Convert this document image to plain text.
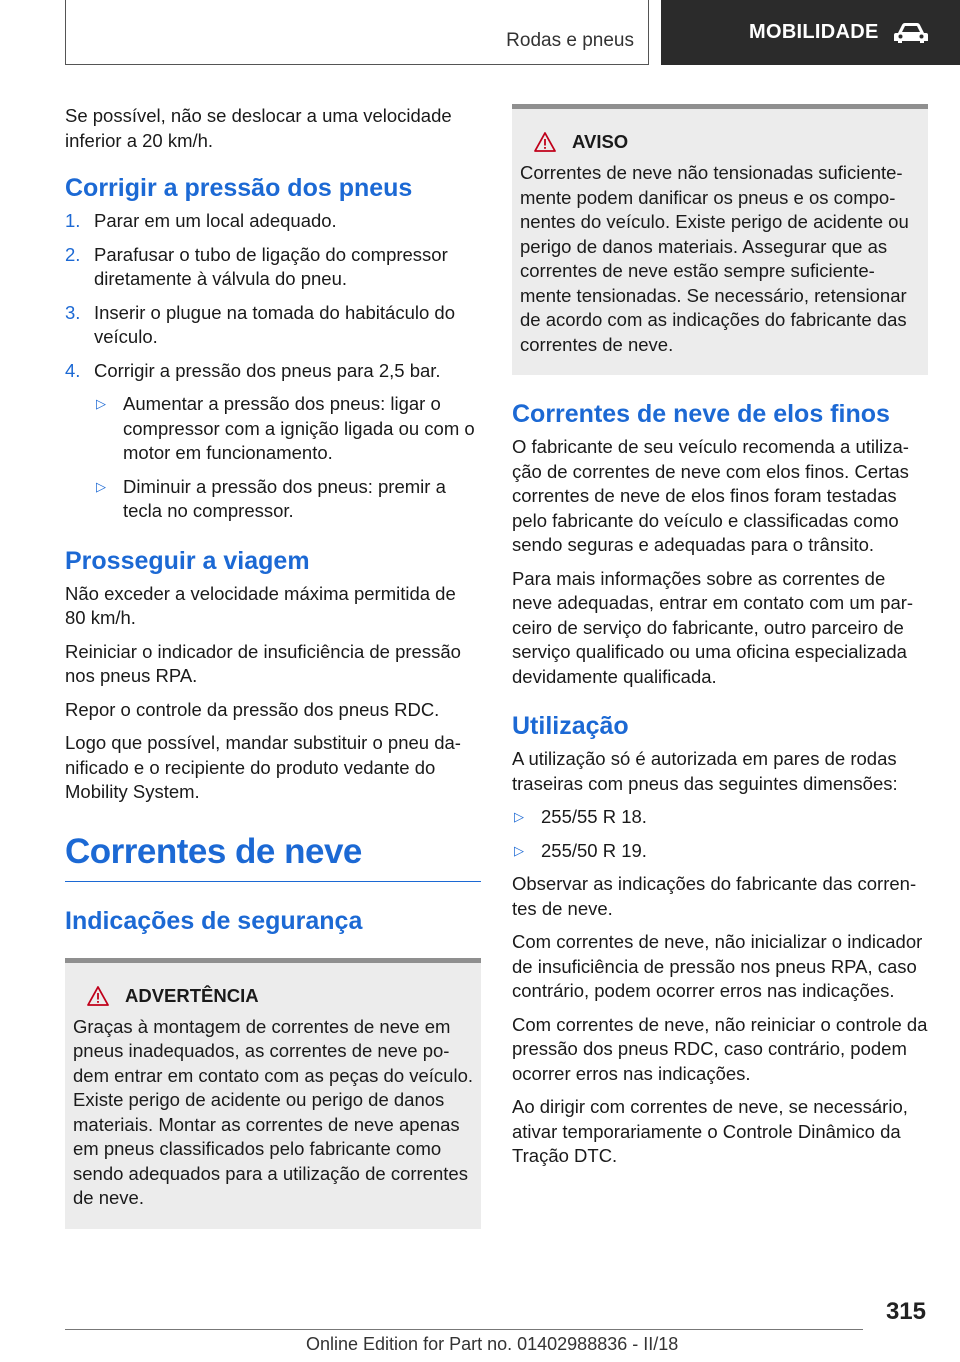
Rodas e pneus	MOBILIDADE

Se possível, não se deslocar a uma velocidade inferior a 20 km/h.

Corrigir a pressão dos pneus
1. Parar em um local adequado.
2. Parafusar o tubo de ligação do compressor diretamente à válvula do pneu.
3. Inserir o plugue na tomada do habitáculo do veículo.
4. Corrigir a pressão dos pneus para 2,5 bar.
▷ Aumentar a pressão dos pneus: ligar o compressor com a ignição ligada ou com o motor em funcionamento.
▷ Diminuir a pressão dos pneus: premir a tecla no compressor.
Prosseguir a viagem

Não exceder a velocidade máxima permitida de 80 km/h.

Reiniciar o indicador de insuficiência de pressão nos pneus RPA.

Repor o controle da pressão dos pneus RDC.

Logo que possível, mandar substituir o pneu danificado e o recipiente do produto vedante do Mobility System.

Correntes de neve
Indicações de segurança
ADVERTÊNCIA

Graças à montagem de correntes de neve em pneus inadequados, as correntes de neve podem entrar em contato com as peças do veículo. Existe perigo de acidente ou perigo de danos materiais. Montar as correntes de neve apenas em pneus classificados pelo fabricante como sendo adequados para a utilização de correntes de neve.

AVISO

Correntes de neve não tensionadas suficientemente podem danificar os pneus e os componentes do veículo. Existe perigo de acidente ou perigo de danos materiais. Assegurar que as correntes de neve estão sempre suficientemente tensionadas. Se necessário, retensionar de acordo com as indicações do fabricante das correntes de neve.

Correntes de neve de elos finos

O fabricante de seu veículo recomenda a utilização de correntes de neve com elos finos. Certas correntes de neve de elos finos foram testadas pelo fabricante do veículo e classificadas como sendo seguras e adequadas para o trânsito.

Para mais informações sobre as correntes de neve adequadas, entrar em contato com um parceiro de serviço do fabricante, outro parceiro de serviço qualificado ou uma oficina especializada devidamente qualificada.

Utilização

A utilização só é autorizada em pares de rodas traseiras com pneus das seguintes dimensões:

▷ 255/55 R 18.
▷ 255/50 R 19.

Observar as indicações do fabricante das correntes de neve.

Com correntes de neve, não inicializar o indicador de insuficiência de pressão nos pneus RPA, caso contrário, podem ocorrer erros nas indicações.

Com correntes de neve, não reiniciar o controle da pressão dos pneus RDC, caso contrário, podem ocorrer erros nas indicações.

Ao dirigir com correntes de neve, se necessário, ativar temporariamente o Controle Dinâmico da Tração DTC.

315
Online Edition for Part no. 01402988836 - II/18
